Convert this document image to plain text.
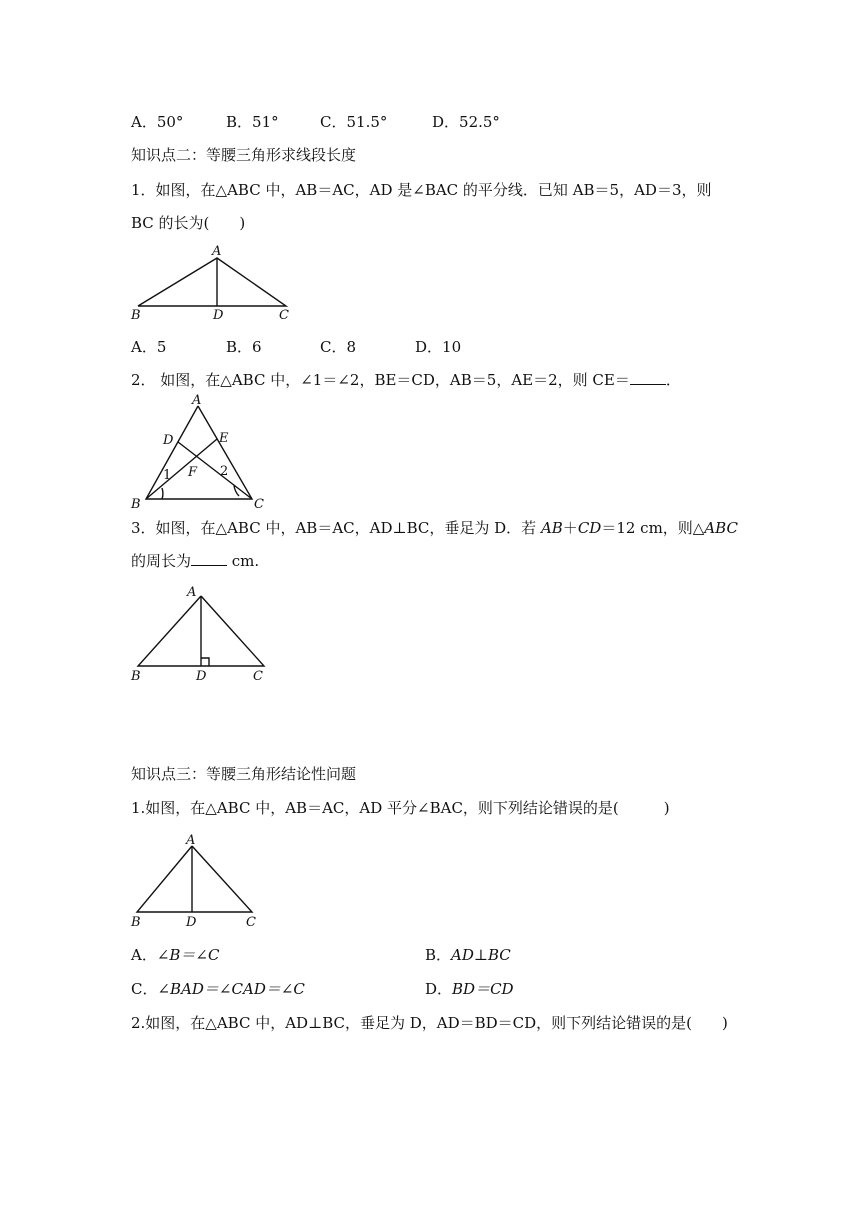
A．50°	B．51°	C．51.5°	D．52.5°
知识点二：等腰三角形求线段长度
1．如图，在△ABC 中，AB＝AC，AD 是∠BAC 的平分线．已知 AB＝5，AD＝3，则
BC 的长为(　　)
A
B	D	C
A．5	B．6	C．8	D．10
2． 如图，在△ABC 中，∠1＝∠2，BE＝CD，AB＝5，AE＝2，则 CE＝ ．
A
D	E
F
1	2
B	C
3．如图，在△ABC 中，AB＝AC，AD⊥BC，垂足为 D．若 AB＋CD＝12 cm，则△ABC
的周长为 cm.
A
B	D	C
知识点三：等腰三角形结论性问题
1.如图，在△ABC 中，AB＝AC，AD 平分∠BAC，则下列结论错误的是(　　　)
A
B	D	C
A．∠B＝∠C	B．AD⊥BC
C．∠BAD＝∠CAD＝∠C	D．BD＝CD
2.如图，在△ABC 中，AD⊥BC，垂足为 D，AD＝BD＝CD，则下列结论错误的是(　　)
